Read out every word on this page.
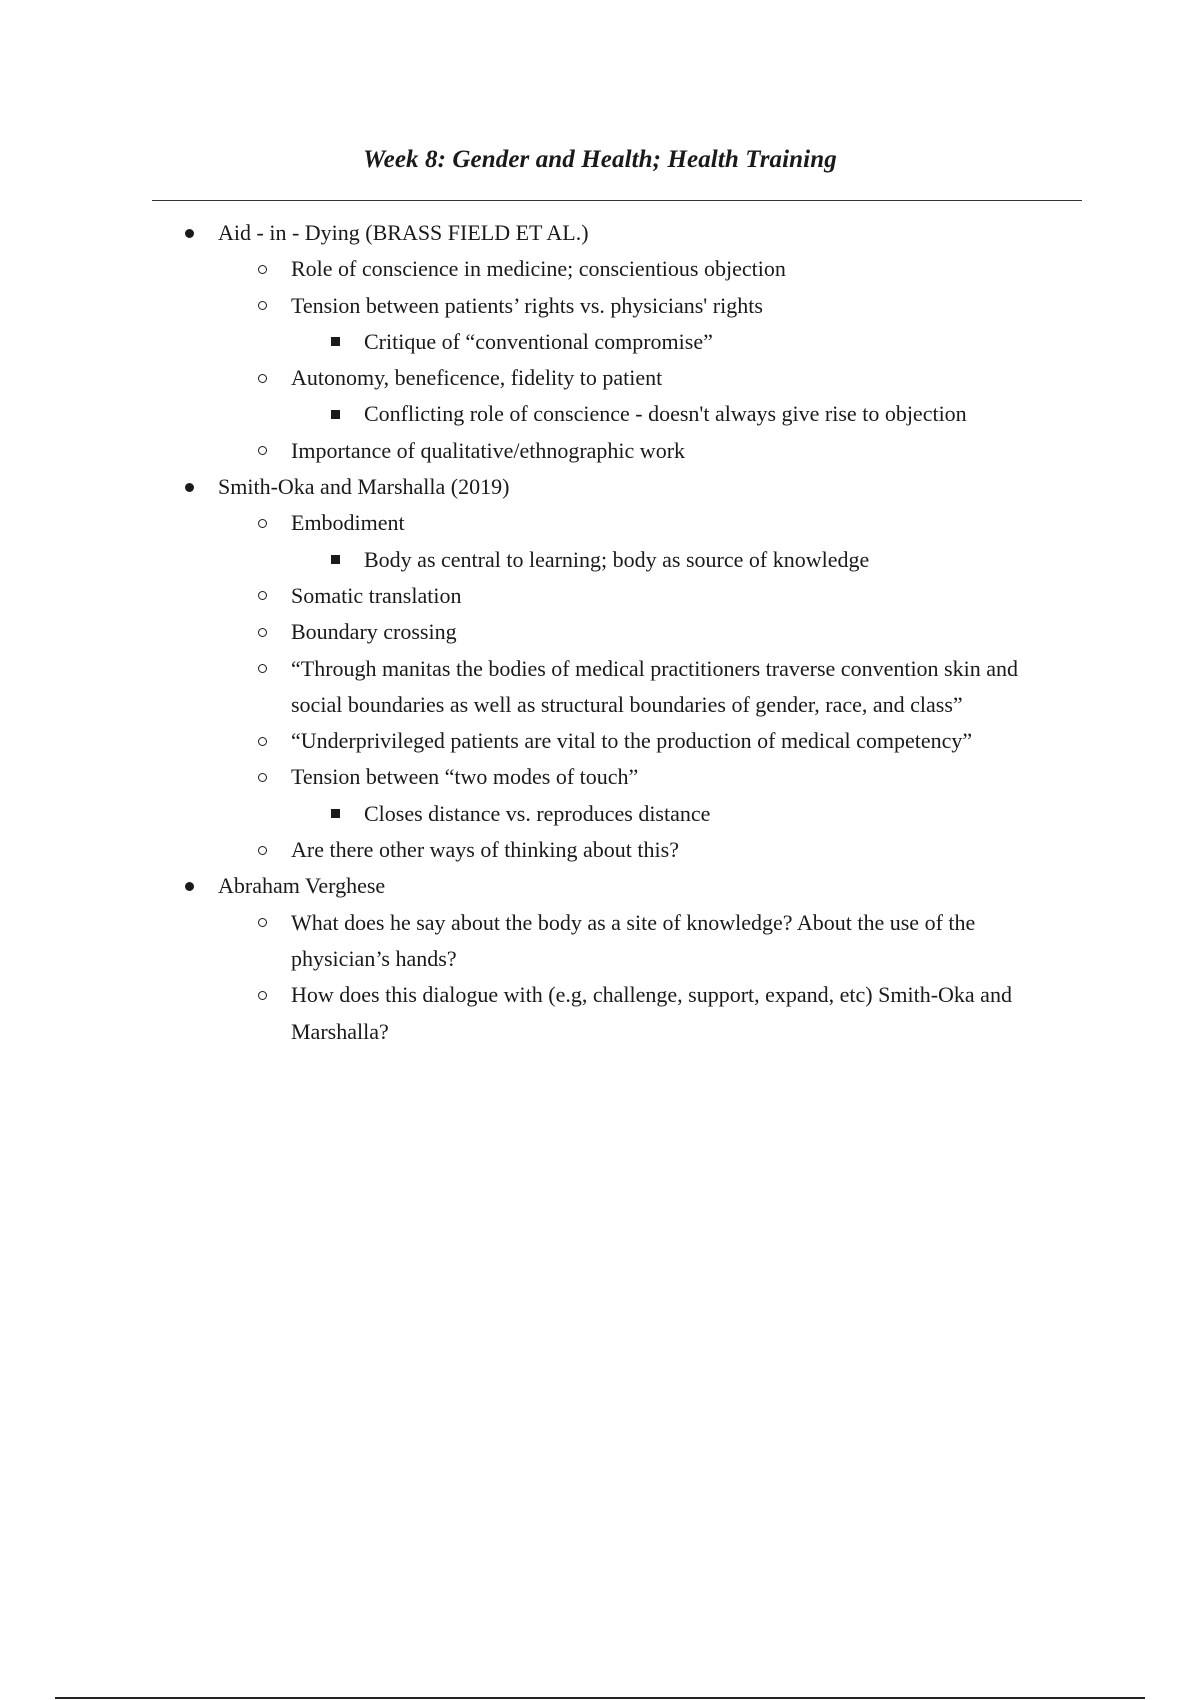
Week 8: Gender and Health; Health Training
Aid - in - Dying (BRASS FIELD ET AL.)
Role of conscience in medicine; conscientious objection
Tension between patients’ rights vs. physicians' rights
Critique of “conventional compromise”
Autonomy, beneficence, fidelity to patient
Conflicting role of conscience - doesn't always give rise to objection
Importance of qualitative/ethnographic work
Smith-Oka and Marshalla (2019)
Embodiment
Body as central to learning; body as source of knowledge
Somatic translation
Boundary crossing
“Through manitas the bodies of medical practitioners traverse convention skin and social boundaries as well as structural boundaries of gender, race, and class”
“Underprivileged patients are vital to the production of medical competency”
Tension between “two modes of touch”
Closes distance vs. reproduces distance
Are there other ways of thinking about this?
Abraham Verghese
What does he say about the body as a site of knowledge? About the use of the physician’s hands?
How does this dialogue with (e.g, challenge, support, expand, etc) Smith-Oka and Marshalla?
